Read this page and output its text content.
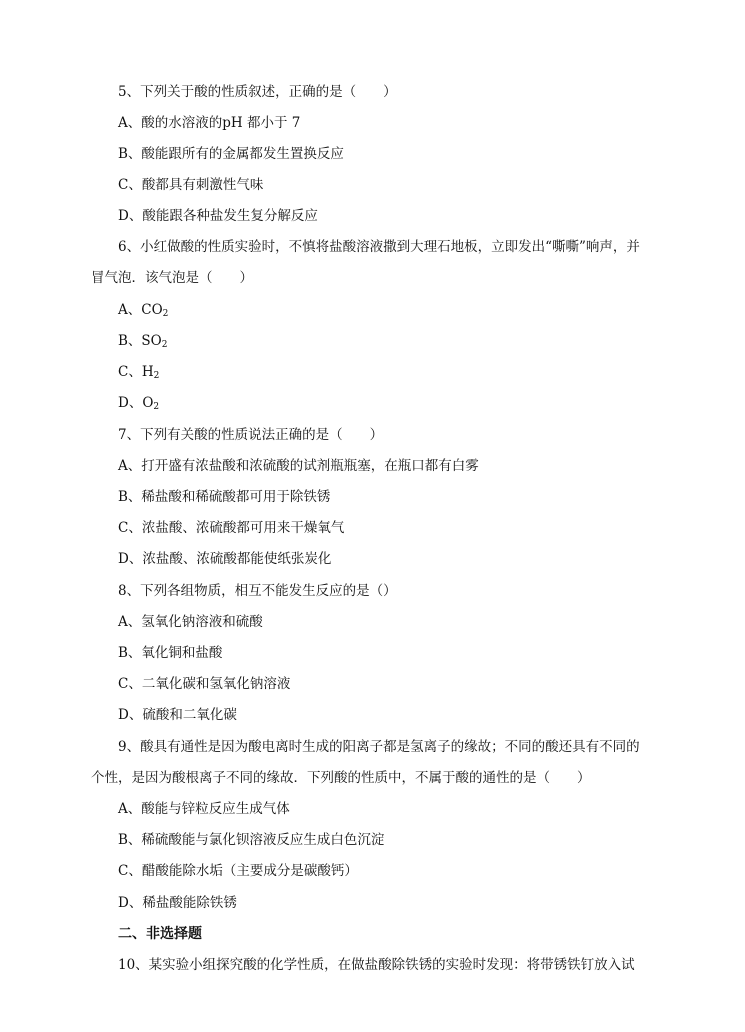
5、下列关于酸的性质叙述，正确的是（　　）
A、酸的水溶液的pH 都小于 7
B、酸能跟所有的金属都发生置换反应
C、酸都具有刺激性气味
D、酸能跟各种盐发生复分解反应
6、小红做酸的性质实验时，不慎将盐酸溶液撒到大理石地板，立即发出“嘶嘶”响声，并
冒气泡．该气泡是（　　）
A、$CO_2$
B、$SO_2$
C、$H_2$
D、$O_2$
7、下列有关酸的性质说法正确的是（　　）
A、打开盛有浓盐酸和浓硫酸的试剂瓶瓶塞，在瓶口都有白雾
B、稀盐酸和稀硫酸都可用于除铁锈
C、浓盐酸、浓硫酸都可用来干燥氧气
D、浓盐酸、浓硫酸都能使纸张炭化
8、下列各组物质，相互不能发生反应的是（）
A、氢氧化钠溶液和硫酸
B、氧化铜和盐酸
C、二氧化碳和氢氧化钠溶液
D、硫酸和二氧化碳
9、酸具有通性是因为酸电离时生成的阳离子都是氢离子的缘故；不同的酸还具有不同的
个性，是因为酸根离子不同的缘故．下列酸的性质中，不属于酸的通性的是（　　）
A、酸能与锌粒反应生成气体
B、稀硫酸能与氯化钡溶液反应生成白色沉淀
C、醋酸能除水垢（主要成分是碳酸钙）
D、稀盐酸能除铁锈
二、非选择题
10、某实验小组探究酸的化学性质，在做盐酸除铁锈的实验时发现：将带锈铁钉放入试
